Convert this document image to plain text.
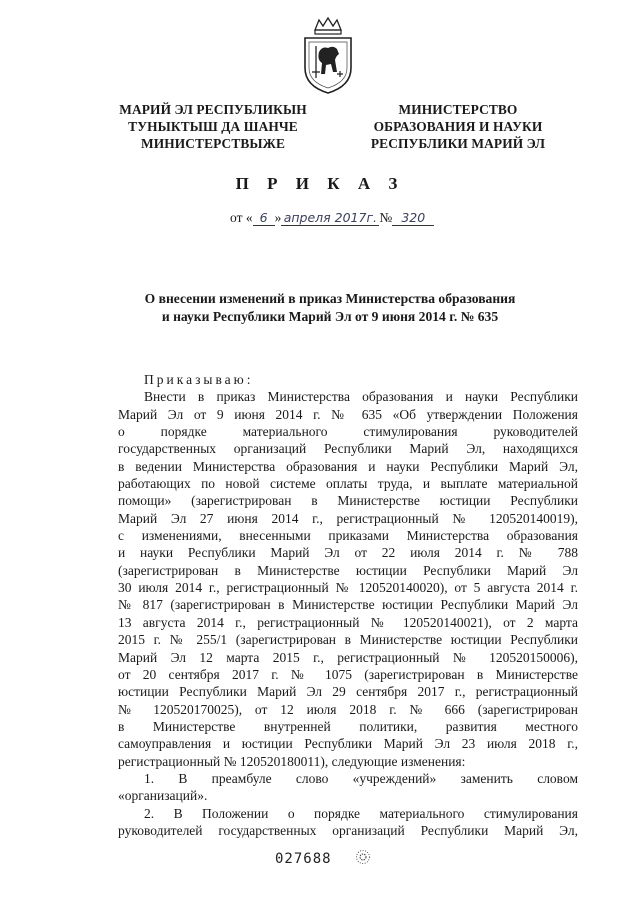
МАРИЙ ЭЛ РЕСПУБЛИКЫН
ТУНЫКТЫШ ДА ШАНЧЕ
МИНИСТЕРСТВЫЖЕ
МИНИСТЕРСТВО
ОБРАЗОВАНИЯ И НАУКИ
РЕСПУБЛИКИ МАРИЙ ЭЛ
П Р И К А З
от « 6 » апреля 2017г. № 320
О внесении изменений в приказ Министерства образования
и науки Республики Марий Эл от 9 июня 2014 г. № 635

Приказываю:

Внести в приказ Министерства образования и науки Республики

Марий Эл от 9 июня 2014 г. № 635 «Об утверждении Положения

о порядке материального стимулирования руководителей

государственных организаций Республики Марий Эл, находящихся

в ведении Министерства образования и науки Республики Марий Эл,

работающих по новой системе оплаты труда, и выплате материальной

помощи» (зарегистрирован в Министерстве юстиции Республики

Марий Эл 27 июня 2014 г., регистрационный № 120520140019),

с изменениями, внесенными приказами Министерства образования

и науки Республики Марий Эл от 22 июля 2014 г. № 788

(зарегистрирован в Министерстве юстиции Республики Марий Эл

30 июля 2014 г., регистрационный № 120520140020), от 5 августа 2014 г.

№ 817 (зарегистрирован в Министерстве юстиции Республики Марий Эл

13 августа 2014 г., регистрационный № 120520140021), от 2 марта

2015 г. № 255/1 (зарегистрирован в Министерстве юстиции Республики

Марий Эл 12 марта 2015 г., регистрационный № 120520150006),

от 20 сентября 2017 г. № 1075 (зарегистрирован в Министерстве

юстиции Республики Марий Эл 29 сентября 2017 г., регистрационный

№ 120520170025), от 12 июля 2018 г. № 666 (зарегистрирован

в Министерстве внутренней политики, развития местного

самоуправления и юстиции Республики Марий Эл 23 июля 2018 г.,

регистрационный № 120520180011), следующие изменения:

1. В преамбуле слово «учреждений» заменить словом

«организаций».

2. В Положении о порядке материального стимулирования

руководителей государственных организаций Республики Марий Эл,

027688
